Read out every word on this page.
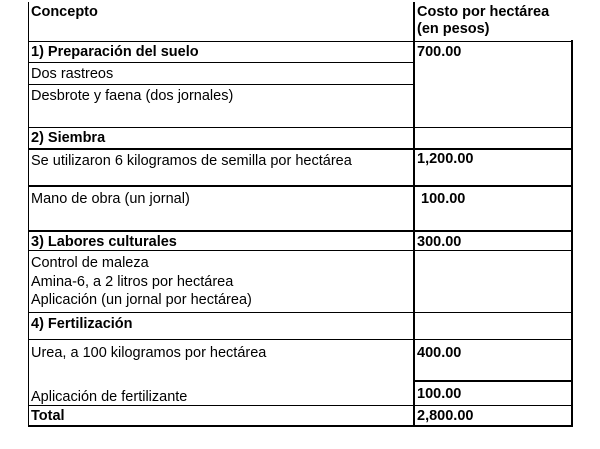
Concepto	Costo por hectárea
(en pesos)
1) Preparación del suelo	700.00
Dos rastreos
Desbrote y faena (dos jornales)
2) Siembra
Se utilizaron 6 kilogramos de semilla por hectárea	1,200.00
Mano de obra (un jornal)	100.00
3) Labores culturales	300.00
Control de maleza
Amina-6, a 2 litros por hectárea
Aplicación (un jornal por hectárea)
4) Fertilización
Urea, a 100 kilogramos por hectárea	400.00
Aplicación de fertilizante	100.00
Total	2,800.00
